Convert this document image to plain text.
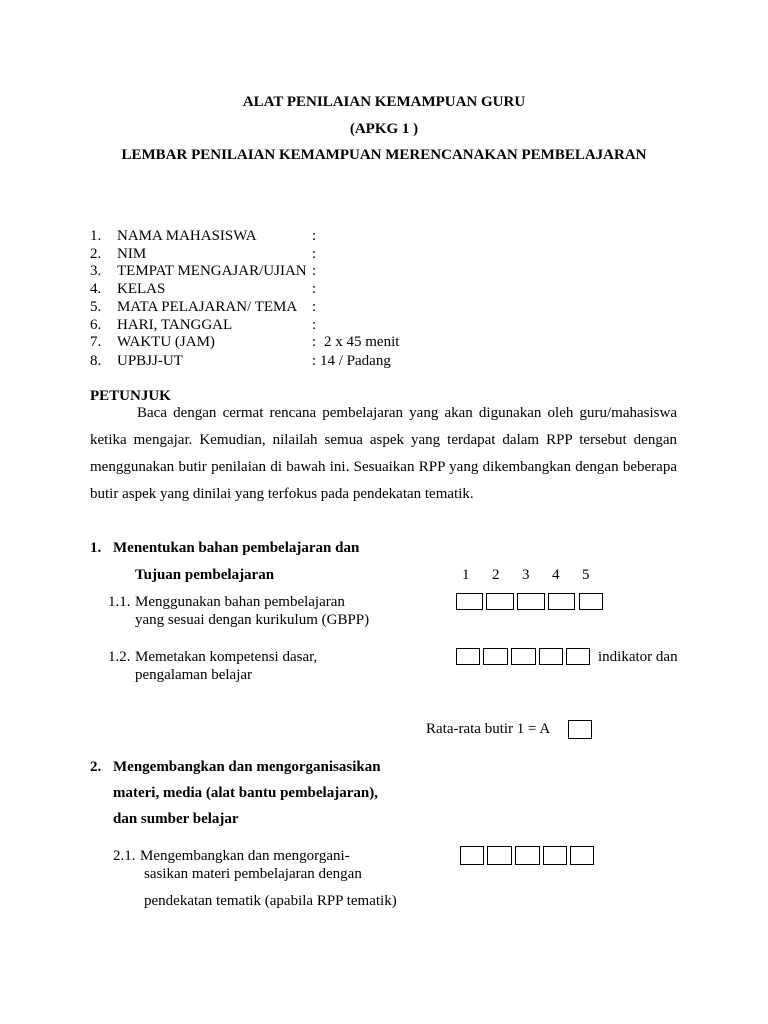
ALAT PENILAIAN KEMAMPUAN GURU
(APKG 1 )
LEMBAR PENILAIAN KEMAMPUAN MERENCANAKAN PEMBELAJARAN
1. NAMA MAHASISWA	:
2. NIM	:
3. TEMPAT MENGAJAR/UJIAN :
4. KELAS	:
5. MATA PELAJARAN/ TEMA :
6. HARI, TANGGAL	:
7. WAKTU (JAM)	: 2 x 45 menit
8. UPBJJ-UT	: 14 / Padang
PETUNJUK
Baca dengan cermat rencana pembelajaran yang akan digunakan oleh guru/mahasiswa ketika mengajar. Kemudian, nilailah semua aspek yang terdapat dalam RPP tersebut dengan menggunakan butir penilaian di bawah ini. Sesuaikan RPP yang dikembangkan dengan beberapa butir aspek yang dinilai yang terfokus pada pendekatan tematik.
1. Menentukan bahan pembelajaran dan
Tujuan pembelajaran	1 2 3 4 5
1.1. Menggunakan bahan pembelajaran
yang sesuai dengan kurikulum (GBPP)
1.2. Memetakan kompetensi dasar,
pengalaman belajar
indikator dan
Rata-rata butir 1 = A
2. Mengembangkan dan mengorganisasikan
materi, media (alat bantu pembelajaran),
dan sumber belajar
2.1. Mengembangkan dan mengorgani-
sasikan materi pembelajaran dengan
pendekatan tematik (apabila RPP tematik)
